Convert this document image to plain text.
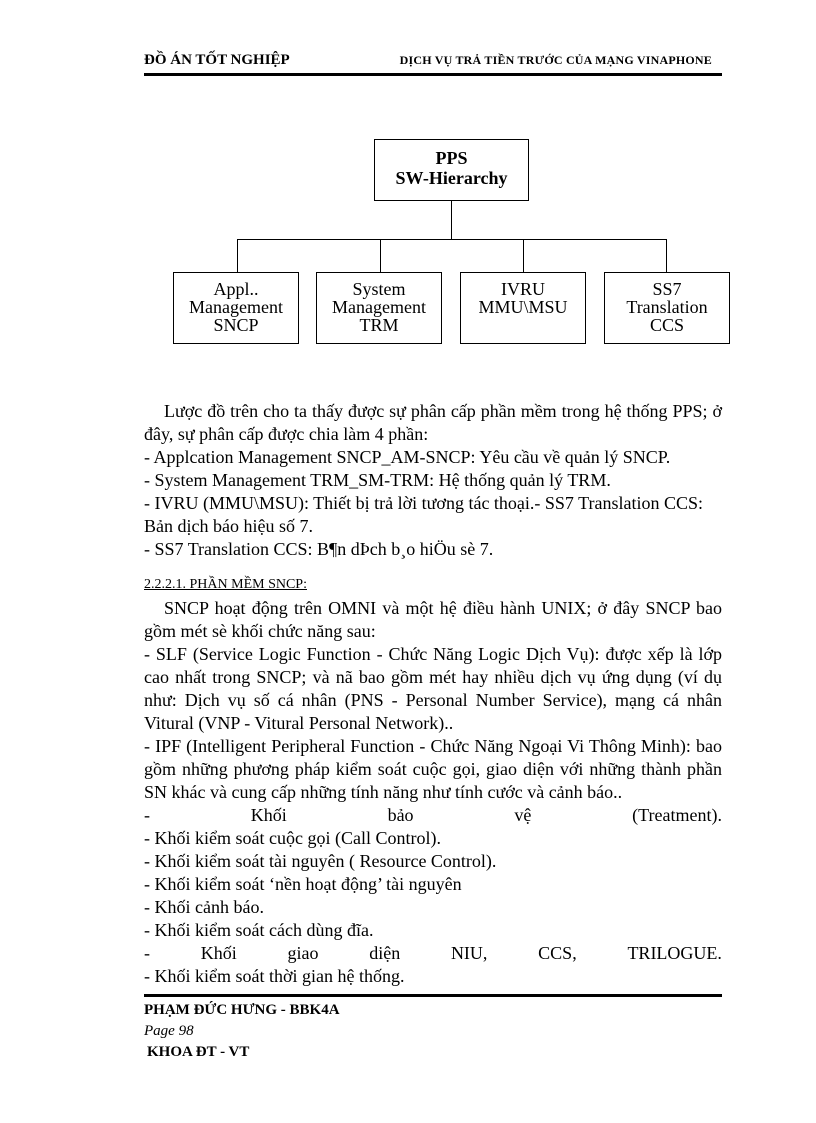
ĐỒ ÁN TỐT NGHIỆP	DỊCH VỤ TRẢ TIỀN TRƯỚC CỦA MẠNG VINAPHONE
PPS
SW-Hierarchy
Appl..
Management
SNCP
System
Management
TRM
IVRU
MMU\MSU
SS7
Translation
CCS

Lược đồ trên cho ta thấy được sự phân cấp phần mềm trong hệ thống PPS; ở đây, sự phân cấp được chia làm 4 phần:

- Applcation Management SNCP_AM-SNCP: Yêu cầu về quản lý SNCP.

- System Management TRM_SM-TRM: Hệ thống quản lý TRM.

- IVRU (MMU\MSU): Thiết bị trả lời tương tác thoại.- SS7 Translation CCS: Bản dịch báo hiệu số 7.

- SS7 Translation CCS: B¶n dÞch b¸o hiÖu sè 7.

2.2.2.1. PHẦN MỀM SNCP:

SNCP hoạt động trên OMNI và một hệ điều hành UNIX; ở đây SNCP bao gồm mét sè khối chức năng sau:

- SLF (Service Logic Function - Chức Năng Logic Dịch Vụ): được xếp là lớp cao nhất trong SNCP; và nã bao gồm mét hay nhiều dịch vụ ứng dụng (ví dụ như: Dịch vụ số cá nhân (PNS - Personal Number Service), mạng cá nhân Vitural (VNP - Vitural Personal Network)..

- IPF (Intelligent Peripheral Function - Chức Năng Ngoại Vi Thông Minh): bao gồm những phương pháp kiểm soát cuộc gọi, giao diện với những thành phần SN khác và cung cấp những tính năng như tính cước và cảnh báo..

-	Khối	bảo	vệ	(Treatment).

- Khối kiểm soát cuộc gọi (Call Control).

- Khối kiểm soát tài nguyên ( Resource Control).

- Khối kiểm soát ‘nền hoạt động’ tài nguyên

- Khối cảnh báo.

- Khối kiểm soát cách dùng đĩa.

-	Khối	giao	diện	NIU,	CCS,	TRILOGUE.

- Khối kiểm soát thời gian hệ thống.

PHẠM ĐỨC HƯNG - BBK4A
Page 98
KHOA ĐT - VT
